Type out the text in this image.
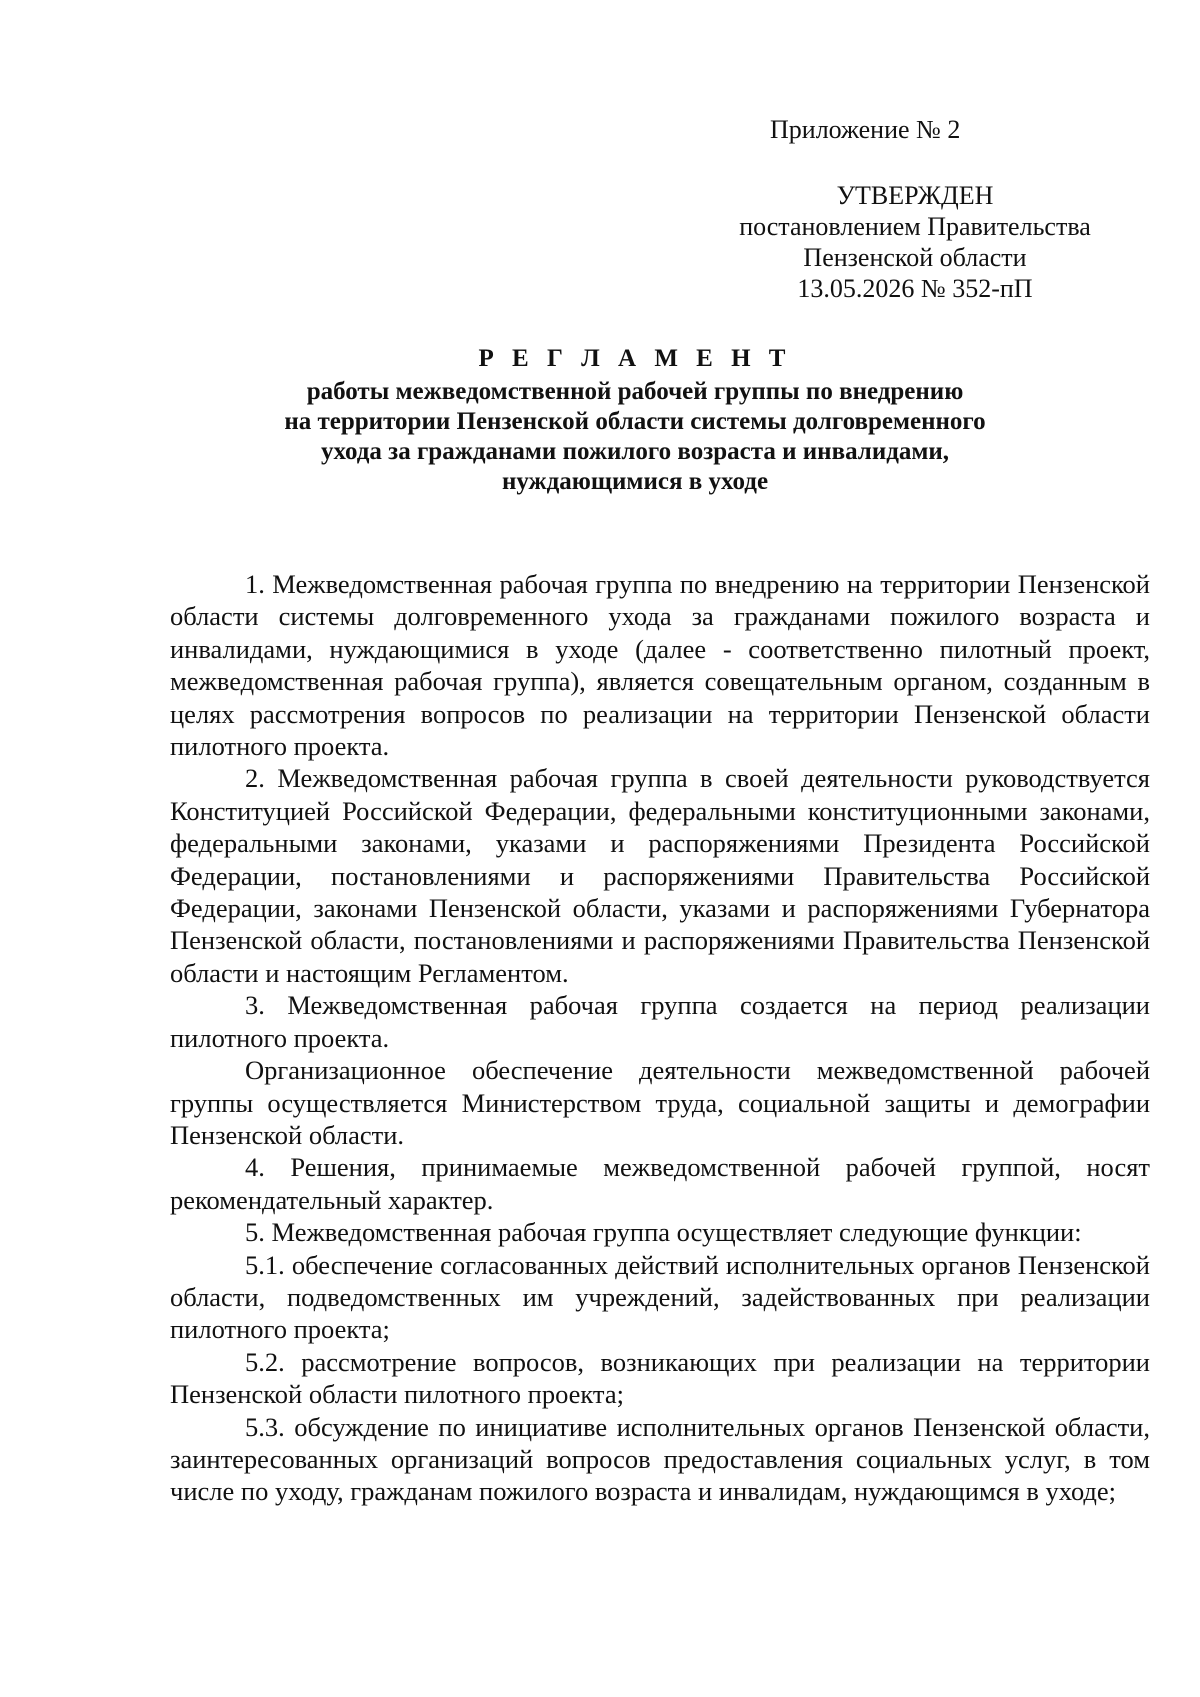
Приложение № 2
УТВЕРЖДЕН
постановлением Правительства
Пензенской области
13.05.2026 № 352-пП
Р Е Г Л А М Е Н Т
работы межведомственной рабочей группы по внедрению
на территории Пензенской области системы долговременного
ухода за гражданами пожилого возраста и инвалидами,
нуждающимися в уходе

1. Межведомственная рабочая группа по внедрению на территории Пензенской области системы долговременного ухода за гражданами пожилого возраста и инвалидами, нуждающимися в уходе (далее - соответственно пилотный проект, межведомственная рабочая группа), является совещательным органом, созданным в целях рассмотрения вопросов по реализации на территории Пензенской области пилотного проекта.

2. Межведомственная рабочая группа в своей деятельности руководствуется Конституцией Российской Федерации, федеральными конституционными законами, федеральными законами, указами и распоряжениями Президента Российской Федерации, постановлениями и распоряжениями Правительства Российской Федерации, законами Пензенской области, указами и распоряжениями Губернатора Пензенской области, постановлениями и распоряжениями Правительства Пензенской области и настоящим Регламентом.

3. Межведомственная рабочая группа создается на период реализации пилотного проекта.

Организационное обеспечение деятельности межведомственной рабочей группы осуществляется Министерством труда, социальной защиты и демографии Пензенской области.

4. Решения, принимаемые межведомственной рабочей группой, носят рекомендательный характер.

5. Межведомственная рабочая группа осуществляет следующие функции:

5.1. обеспечение согласованных действий исполнительных органов Пензенской области, подведомственных им учреждений, задействованных при реализации пилотного проекта;

5.2. рассмотрение вопросов, возникающих при реализации на территории Пензенской области пилотного проекта;

5.3. обсуждение по инициативе исполнительных органов Пензенской области, заинтересованных организаций вопросов предоставления социальных услуг, в том числе по уходу, гражданам пожилого возраста и инвалидам, нуждающимся в уходе;
